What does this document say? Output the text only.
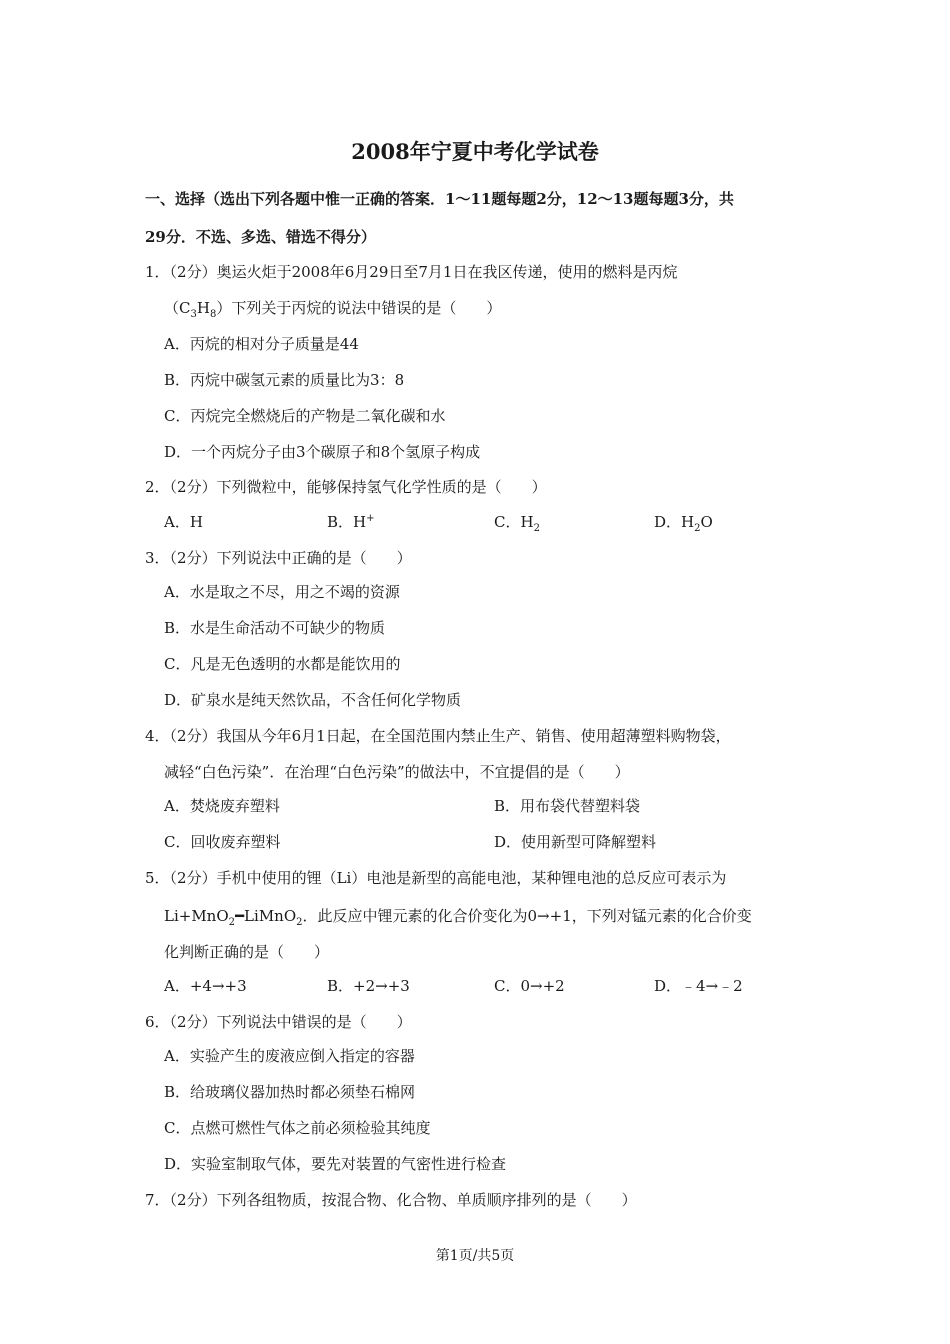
2008年宁夏中考化学试卷
一、选择（选出下列各题中惟一正确的答案．1～11题每题2分，12～13题每题3分，共
29分．不选、多选、错选不得分）
1．（2分）奥运火炬于2008年6月29日至7月1日在我区传递，使用的燃料是丙烷
$(C_3H_8)$下列关于丙烷的说法中错误的是（　　）
A．丙烷的相对分子质量是44
B．丙烷中碳氢元素的质量比为3：8
C．丙烷完全燃烧后的产物是二氧化碳和水
D．一个丙烷分子由3个碳原子和8个氢原子构成
2．（2分）下列微粒中，能够保持氢气化学性质的是（　　）
A．H	B．H+	C．$H_2$	D．$H_2O$
3．（2分）下列说法中正确的是（　　）
A．水是取之不尽，用之不竭的资源
B．水是生命活动不可缺少的物质
C．凡是无色透明的水都是能饮用的
D．矿泉水是纯天然饮品，不含任何化学物质
4．（2分）我国从今年6月1日起，在全国范围内禁止生产、销售、使用超薄塑料购物袋，
减轻“白色污染”．在治理“白色污染”的做法中，不宜提倡的是（　　）
A．焚烧废弃塑料	B．用布袋代替塑料袋
C．回收废弃塑料	D．使用新型可降解塑料
5．（2分）手机中使用的锂（Li）电池是新型的高能电池，某种锂电池的总反应可表示为
Li+MnO$_2$━LiMnO$_2$．此反应中锂元素的化合价变化为0→+1，下列对锰元素的化合价变
化判断正确的是（　　）
A．+4→+3	B．+2→+3	C．0→+2	D．﹣4→﹣2
6．（2分）下列说法中错误的是（　　）
A．实验产生的废液应倒入指定的容器
B．给玻璃仪器加热时都必须垫石棉网
C．点燃可燃性气体之前必须检验其纯度
D．实验室制取气体，要先对装置的气密性进行检查
7．（2分）下列各组物质，按混合物、化合物、单质顺序排列的是（　　）
第1页/共5页
